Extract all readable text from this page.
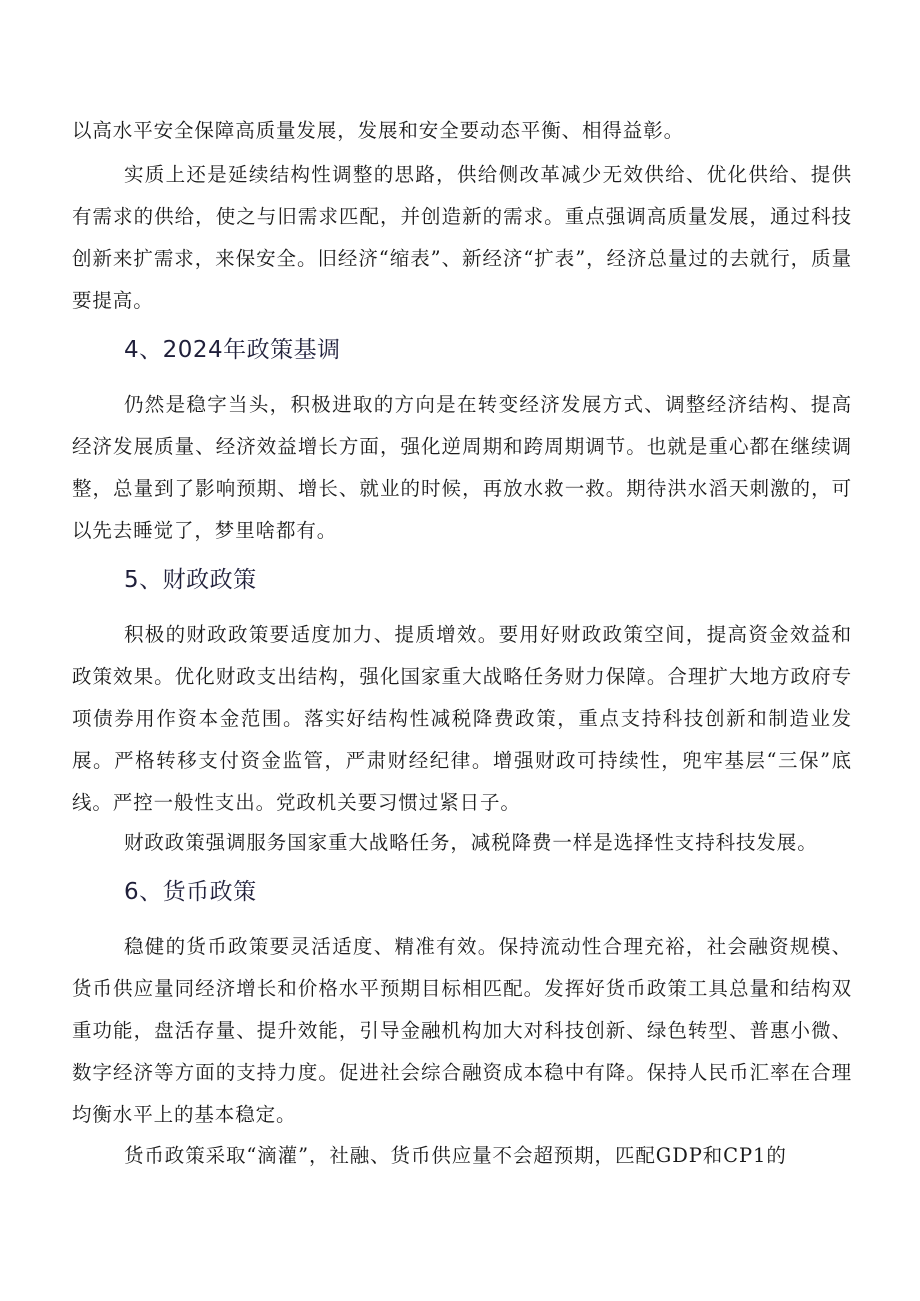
以高水平安全保障高质量发展，发展和安全要动态平衡、相得益彰。

实质上还是延续结构性调整的思路，供给侧改革减少无效供给、优化供给、提供有需求的供给，使之与旧需求匹配，并创造新的需求。重点强调高质量发展，通过科技创新来扩需求，来保安全。旧经济“缩表”、新经济“扩表”，经济总量过的去就行，质量要提高。

4、2024年政策基调

仍然是稳字当头，积极进取的方向是在转变经济发展方式、调整经济结构、提高经济发展质量、经济效益增长方面，强化逆周期和跨周期调节。也就是重心都在继续调整，总量到了影响预期、增长、就业的时候，再放水救一救。期待洪水滔天刺激的，可以先去睡觉了，梦里啥都有。

5、财政政策

积极的财政政策要适度加力、提质增效。要用好财政政策空间，提高资金效益和政策效果。优化财政支出结构，强化国家重大战略任务财力保障。合理扩大地方政府专项债券用作资本金范围。落实好结构性减税降费政策，重点支持科技创新和制造业发展。严格转移支付资金监管，严肃财经纪律。增强财政可持续性，兜牢基层“三保”底线。严控一般性支出。党政机关要习惯过紧日子。

财政政策强调服务国家重大战略任务，减税降费一样是选择性支持科技发展。

6、货币政策

稳健的货币政策要灵活适度、精准有效。保持流动性合理充裕，社会融资规模、货币供应量同经济增长和价格水平预期目标相匹配。发挥好货币政策工具总量和结构双重功能，盘活存量、提升效能，引导金融机构加大对科技创新、绿色转型、普惠小微、数字经济等方面的支持力度。促进社会综合融资成本稳中有降。保持人民币汇率在合理均衡水平上的基本稳定。

货币政策采取“滴灌”，社融、货币供应量不会超预期，匹配GDP和CP1的
